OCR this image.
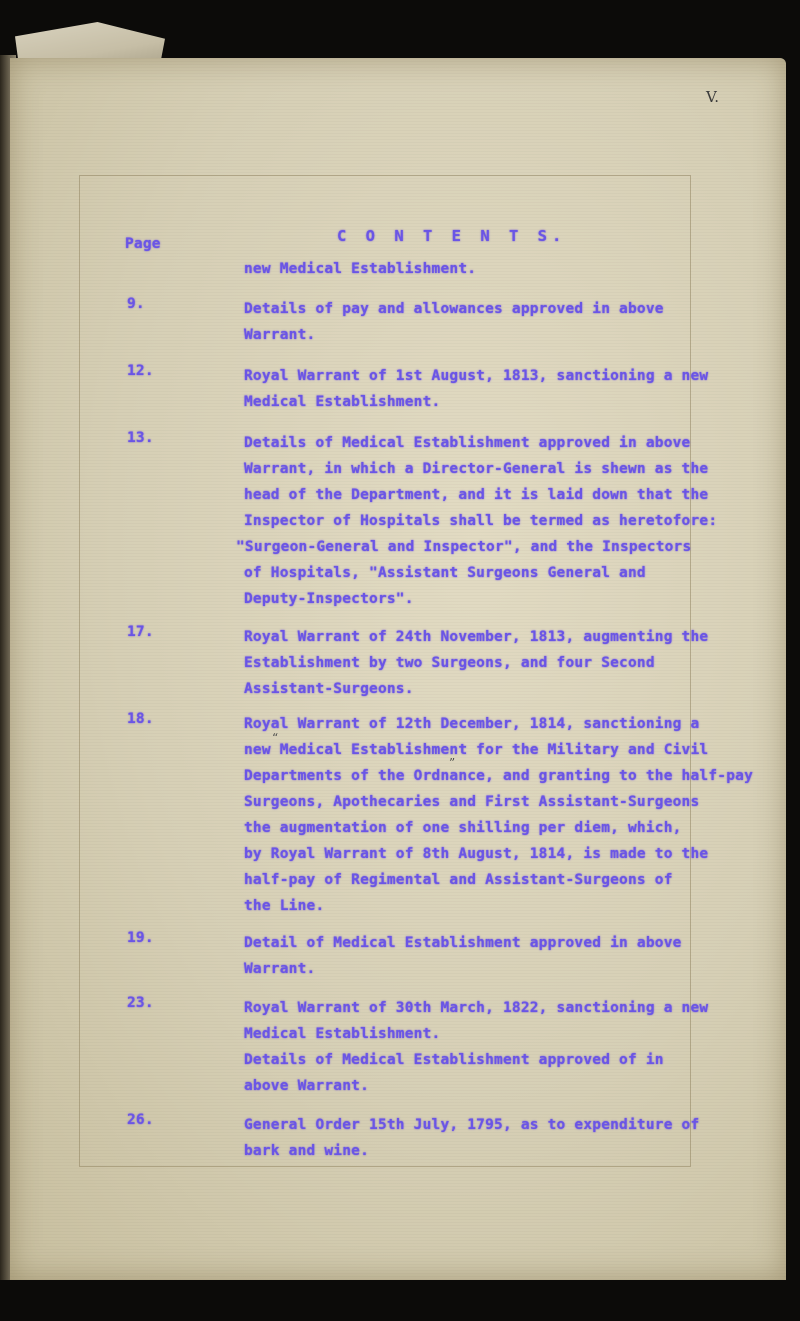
V.
C O N T E N T S.
Page
new Medical Establishment.
9.	Details of pay and allowances approved in above
Warrant.
12.	Royal Warrant of 1st August, 1813, sanctioning a new
Medical Establishment.
13.	Details of Medical Establishment approved in above
Warrant, in which a Director-General is shewn as the
head of the Department, and it is laid down that the
Inspector of Hospitals shall be termed as heretofore:
"Surgeon-General and Inspector", and the Inspectors
of Hospitals, "Assistant Surgeons General and
Deputy-Inspectors".
17.	Royal Warrant of 24th November, 1813, augmenting the
Establishment by two Surgeons, and four Second
Assistant-Surgeons.
18.	Royal Warrant of 12th December, 1814, sanctioning a
“
new Medical Establishment for the Military and Civil
Departments of the Ordnance, and granting to the half-pay
”
Surgeons, Apothecaries and First Assistant-Surgeons
the augmentation of one shilling per diem, which,
by Royal Warrant of 8th August, 1814, is made to the
half-pay of Regimental and Assistant-Surgeons of
the Line.
19.	Detail of Medical Establishment approved in above
Warrant.
23.	Royal Warrant of 30th March, 1822, sanctioning a new
Medical Establishment.
Details of Medical Establishment approved of in
above Warrant.
26.	General Order 15th July, 1795, as to expenditure of
bark and wine.
